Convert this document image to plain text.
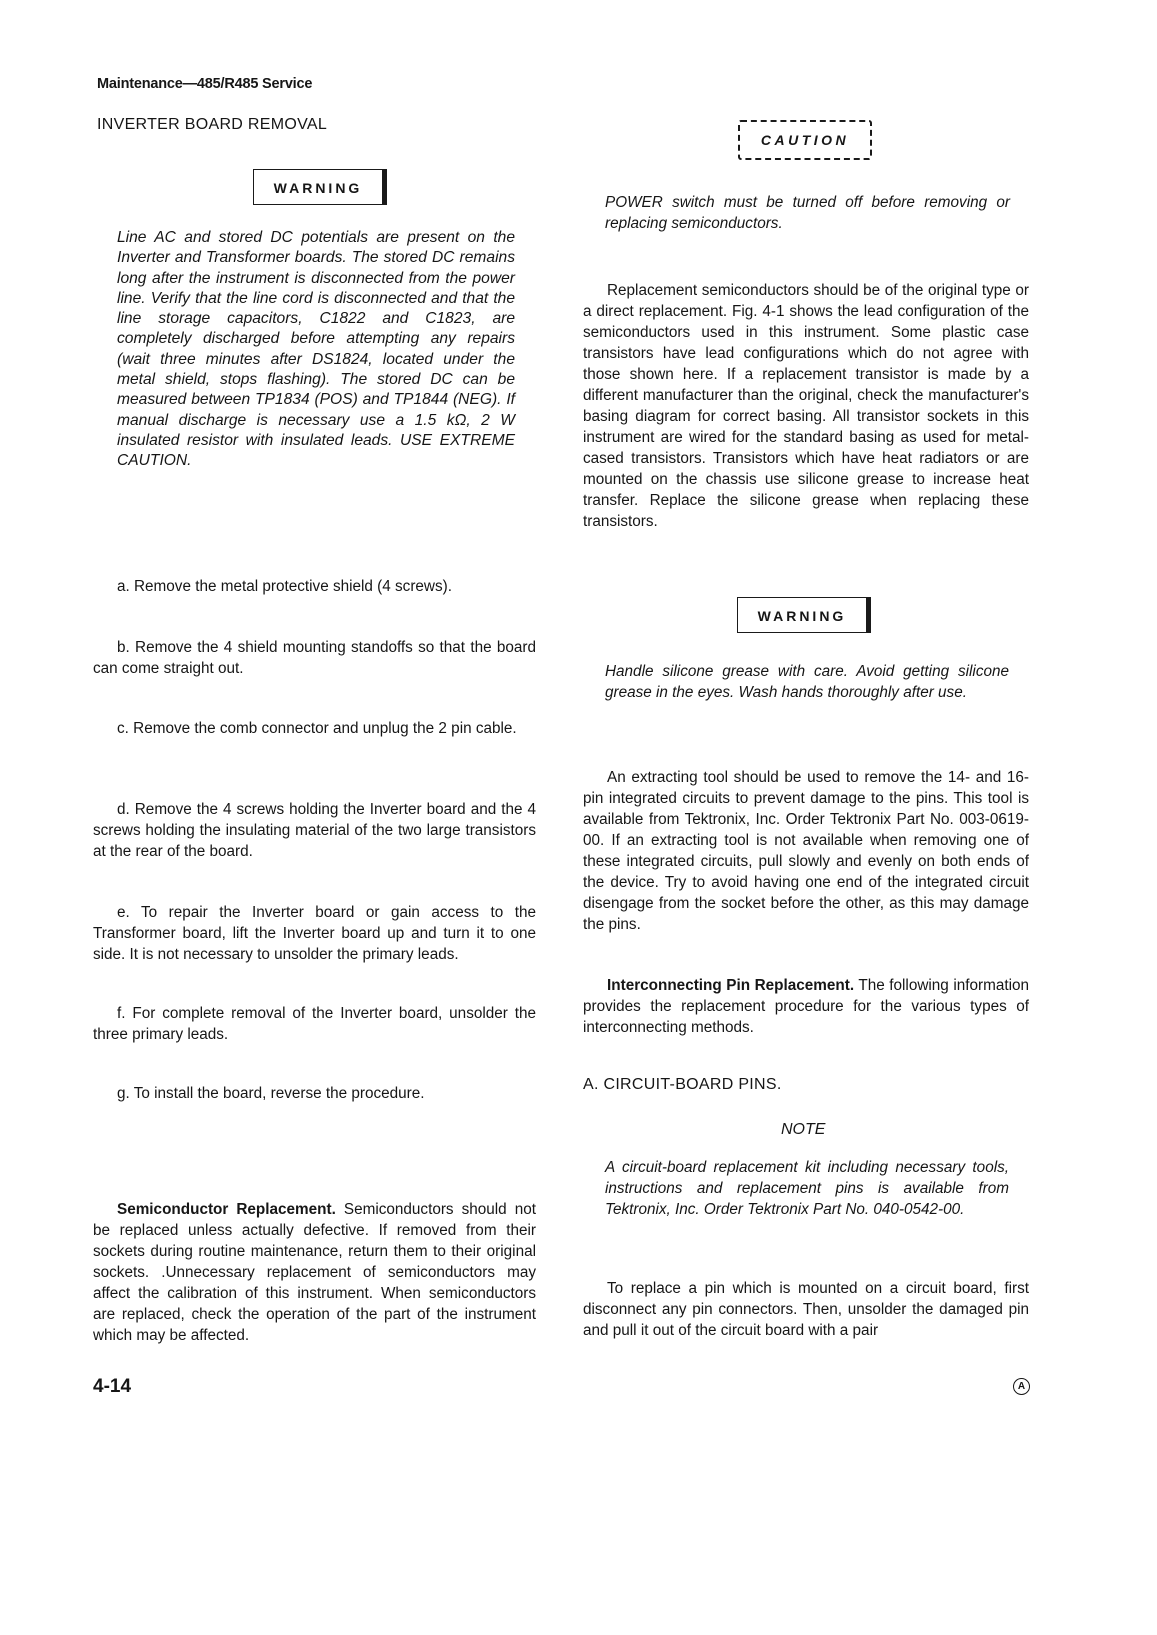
Maintenance—485/R485 Service
INVERTER BOARD REMOVAL
WARNING

Line AC and stored DC potentials are present on the Inverter and Transformer boards. The stored DC remains long after the instrument is disconnected from the power line. Verify that the line cord is disconnected and that the line storage capacitors, C1822 and C1823, are completely discharged before attempting any repairs (wait three minutes after DS1824, located under the metal shield, stops flashing). The stored DC can be measured between TP1834 (POS) and TP1844 (NEG). If manual discharge is necessary use a 1.5 kΩ, 2 W insulated resistor with insulated leads. USE EXTREME CAUTION.

a. Remove the metal protective shield (4 screws).

b. Remove the 4 shield mounting standoffs so that the board can come straight out.

c. Remove the comb connector and unplug the 2 pin cable.

d. Remove the 4 screws holding the Inverter board and the 4 screws holding the insulating material of the two large transistors at the rear of the board.

e. To repair the Inverter board or gain access to the Transformer board, lift the Inverter board up and turn it to one side. It is not necessary to unsolder the primary leads.

f. For complete removal of the Inverter board, unsolder the three primary leads.

g. To install the board, reverse the procedure.

Semiconductor Replacement. Semiconductors should not be replaced unless actually defective. If removed from their sockets during routine maintenance, return them to their original sockets. .Unnecessary replacement of semiconductors may affect the calibration of this instrument. When semiconductors are replaced, check the operation of the part of the instrument which may be affected.

CAUTION

POWER switch must be turned off before removing or replacing semiconductors.

Replacement semiconductors should be of the original type or a direct replacement. Fig. 4-1 shows the lead configuration of the semiconductors used in this instrument. Some plastic case transistors have lead configurations which do not agree with those shown here. If a replacement transistor is made by a different manufacturer than the original, check the manufacturer's basing diagram for correct basing. All transistor sockets in this instrument are wired for the standard basing as used for metal-cased transistors. Transistors which have heat radiators or are mounted on the chassis use silicone grease to increase heat transfer. Replace the silicone grease when replacing these transistors.

WARNING

Handle silicone grease with care. Avoid getting silicone grease in the eyes. Wash hands thoroughly after use.

An extracting tool should be used to remove the 14- and 16-pin integrated circuits to prevent damage to the pins. This tool is available from Tektronix, Inc. Order Tektronix Part No. 003-0619-00. If an extracting tool is not available when removing one of these integrated circuits, pull slowly and evenly on both ends of the device. Try to avoid having one end of the integrated circuit disengage from the socket before the other, as this may damage the pins.

Interconnecting Pin Replacement. The following information provides the replacement procedure for the various types of interconnecting methods.

A. CIRCUIT-BOARD PINS.
NOTE

A circuit-board replacement kit including necessary tools, instructions and replacement pins is available from Tektronix, Inc. Order Tektronix Part No. 040-0542-00.

To replace a pin which is mounted on a circuit board, first disconnect any pin connectors. Then, unsolder the damaged pin and pull it out of the circuit board with a pair

4-14	A
